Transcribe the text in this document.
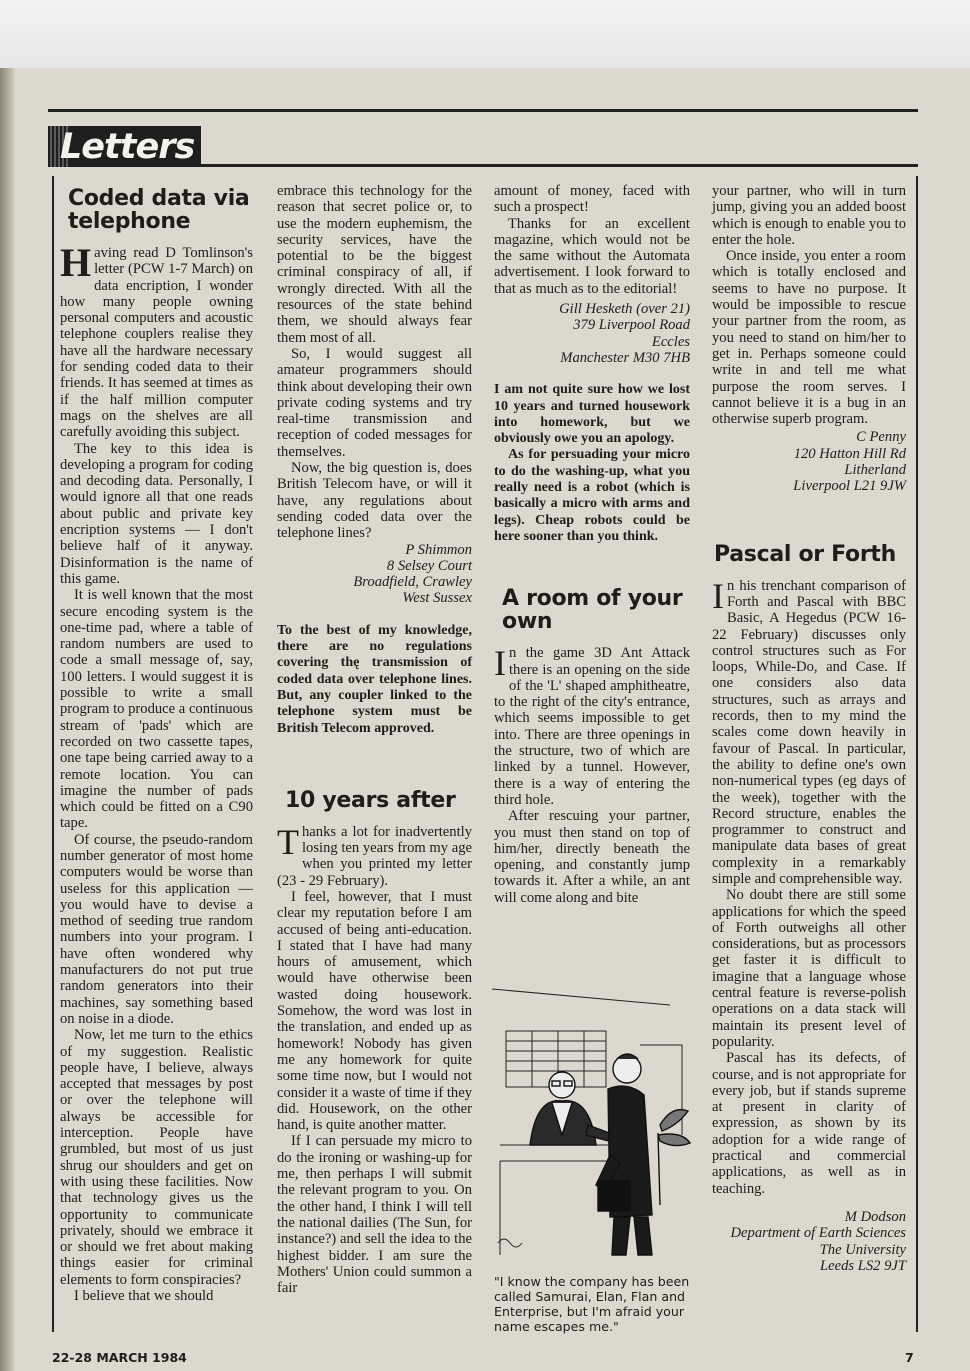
Letters
Coded data via telephone

Having read D Tomlinson's letter (PCW 1-7 March) on data encription, I wonder how many people owning personal computers and acoustic telephone couplers realise they have all the hardware necessary for sending coded data to their friends. It has seemed at times as if the half million computer mags on the shelves are all carefully avoiding this subject.

The key to this idea is developing a program for coding and decoding data. Personally, I would ignore all that one reads about public and private key encription systems — I don't believe half of it anyway. Disinformation is the name of this game.

It is well known that the most secure encoding system is the one-time pad, where a table of random numbers are used to code a small message of, say, 100 letters. I would suggest it is possible to write a small program to produce a continuous stream of 'pads' which are recorded on two cassette tapes, one tape being carried away to a remote location. You can imagine the number of pads which could be fitted on a C90 tape.

Of course, the pseudo-random number generator of most home computers would be worse than useless for this application — you would have to devise a method of seeding true random numbers into your program. I have often wondered why manufacturers do not put true random generators into their machines, say something based on noise in a diode.

Now, let me turn to the ethics of my suggestion. Realistic people have, I believe, always accepted that messages by post or over the telephone will always be accessible for interception. People have grumbled, but most of us just shrug our shoulders and get on with using these facilities. Now that technology gives us the opportunity to communicate privately, should we embrace it or should we fret about making things easier for criminal elements to form conspiracies?

I believe that we should

embrace this technology for the reason that secret police or, to use the modern euphemism, the security services, have the potential to be the biggest criminal conspiracy of all, if wrongly directed. With all the resources of the state behind them, we should always fear them most of all.

So, I would suggest all amateur programmers should think about developing their own private coding systems and try real-time transmission and reception of coded messages for themselves.

Now, the big question is, does British Telecom have, or will it have, any regulations about sending coded data over the telephone lines?

P Shimmon
8 Selsey Court
Broadfield, Crawley
West Sussex

To the best of my knowledge, there are no regulations covering thę transmission of coded data over telephone lines. But, any coupler linked to the telephone system must be British Telecom approved.

10 years after

Thanks a lot for inadvertently losing ten years from my age when you printed my letter (23 - 29 February).

I feel, however, that I must clear my reputation before I am accused of being anti-education. I stated that I have had many hours of amusement, which would have otherwise been wasted doing housework. Somehow, the word was lost in the translation, and ended up as homework! Nobody has given me any homework for quite some time now, but I would not consider it a waste of time if they did. Housework, on the other hand, is quite another matter.

If I can persuade my micro to do the ironing or washing-up for me, then perhaps I will submit the relevant program to you. On the other hand, I think I will tell the national dailies (The Sun, for instance?) and sell the idea to the highest bidder. I am sure the Mothers' Union could summon a fair

amount of money, faced with such a prospect!

Thanks for an excellent magazine, which would not be the same without the Automata advertisement. I look forward to that as much as to the editorial!

Gill Hesketh (over 21)
379 Liverpool Road
Eccles
Manchester M30 7HB

I am not quite sure how we lost 10 years and turned housework into homework, but we obviously owe you an apology.

As for persuading your micro to do the washing-up, what you really need is a robot (which is basically a micro with arms and legs). Cheap robots could be here sooner than you think.

A room of your own

In the game 3D Ant Attack there is an opening on the side of the 'L' shaped amphitheatre, to the right of the city's entrance, which seems impossible to get into. There are three openings in the structure, two of which are linked by a tunnel. However, there is a way of entering the third hole.

After rescuing your partner, you must then stand on top of him/her, directly beneath the opening, and constantly jump towards it. After a while, an ant will come along and bite

"I know the company has been called Samurai, Elan, Flan and Enterprise, but I'm afraid your name escapes me."

your partner, who will in turn jump, giving you an added boost which is enough to enable you to enter the hole.

Once inside, you enter a room which is totally enclosed and seems to have no purpose. It would be impossible to rescue your partner from the room, as you need to stand on him/her to get in. Perhaps someone could write in and tell me what purpose the room serves. I cannot believe it is a bug in an otherwise superb program.

C Penny
120 Hatton Hill Rd
Litherland
Liverpool L21 9JW
Pascal or Forth

In his trenchant comparison of Forth and Pascal with BBC Basic, A Hegedus (PCW 16-22 February) discusses only control structures such as For loops, While-Do, and Case. If one considers also data structures, such as arrays and records, then to my mind the scales come down heavily in favour of Pascal. In particular, the ability to define one's own non-numerical types (eg days of the week), together with the Record structure, enables the programmer to construct and manipulate data bases of great complexity in a remarkably simple and comprehensible way.

No doubt there are still some applications for which the speed of Forth outweighs all other considerations, but as processors get faster it is difficult to imagine that a language whose central feature is reverse-polish operations on a data stack will maintain its present level of popularity.

Pascal has its defects, of course, and is not appropriate for every job, but if stands supreme at present in clarity of expression, as shown by its adoption for a wide range of practical and commercial applications, as well as in teaching.

M Dodson
Department of Earth Sciences
The University
Leeds LS2 9JT
22-28 MARCH 1984	7
